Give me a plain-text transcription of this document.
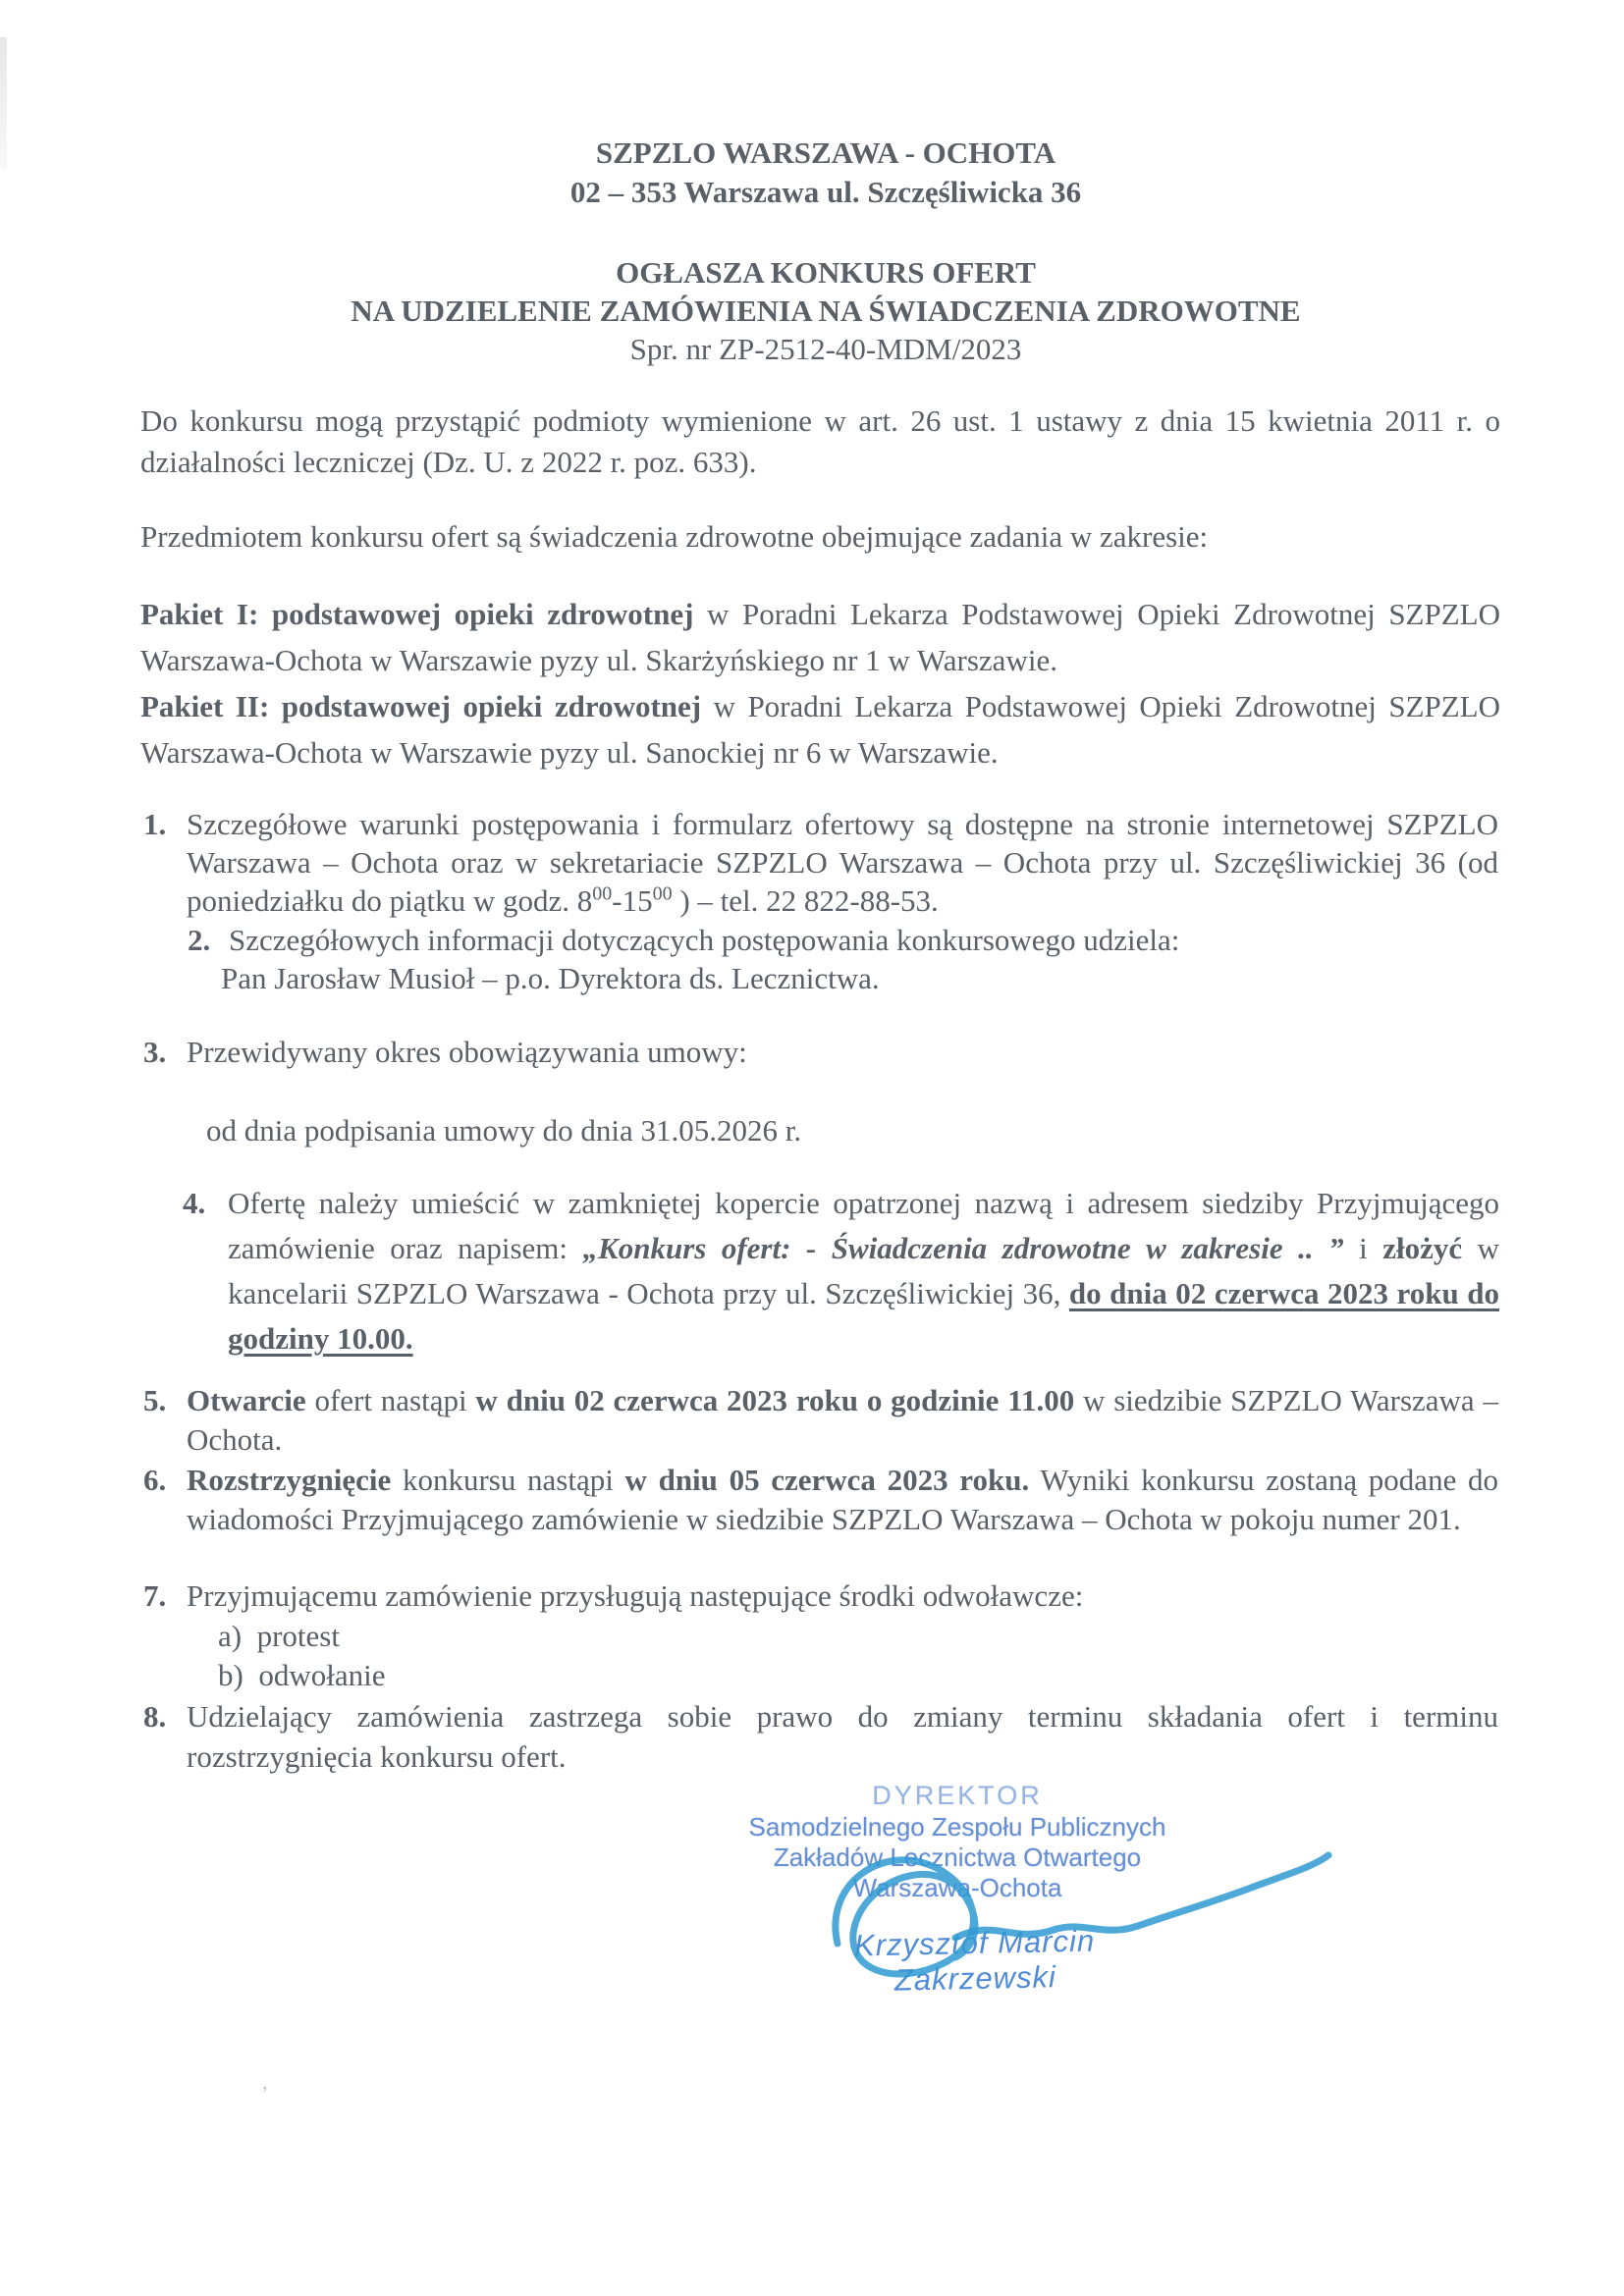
SZPZLO WARSZAWA - OCHOTA
02 – 353 Warszawa ul. Szczęśliwicka 36
OGŁASZA KONKURS OFERT
NA UDZIELENIE ZAMÓWIENIA NA ŚWIADCZENIA ZDROWOTNE
Spr. nr ZP-2512-40-MDM/2023
Do konkursu mogą przystąpić podmioty wymienione w art. 26 ust. 1 ustawy z dnia 15 kwietnia 2011 r. o działalności leczniczej (Dz. U. z 2022 r. poz. 633).
Przedmiotem konkursu ofert są świadczenia zdrowotne obejmujące zadania w zakresie:
Pakiet I: podstawowej opieki zdrowotnej w Poradni Lekarza Podstawowej Opieki Zdrowotnej SZPZLO Warszawa-Ochota w Warszawie pyzy ul. Skarżyńskiego nr 1 w Warszawie.
Pakiet II: podstawowej opieki zdrowotnej w Poradni Lekarza Podstawowej Opieki Zdrowotnej SZPZLO Warszawa-Ochota w Warszawie pyzy ul. Sanockiej nr 6 w Warszawie.
1. Szczegółowe warunki postępowania i formularz ofertowy są dostępne na stronie internetowej SZPZLO Warszawa – Ochota oraz w sekretariacie SZPZLO Warszawa – Ochota przy ul. Szczęśliwickiej 36 (od poniedziałku do piątku w godz. $8^{00}-15^{00}$ ) – tel. 22 822-88-53.
2. Szczegółowych informacji dotyczących postępowania konkursowego udziela:
Pan Jarosław Musioł – p.o. Dyrektora ds. Lecznictwa.
3. Przewidywany okres obowiązywania umowy:
od dnia podpisania umowy do dnia 31.05.2026 r.
4. Ofertę należy umieścić w zamkniętej kopercie opatrzonej nazwą i adresem siedziby Przyjmującego zamówienie oraz napisem: „Konkurs ofert: - Świadczenia zdrowotne w zakresie .. ” i złożyć w kancelarii SZPZLO Warszawa - Ochota przy ul. Szczęśliwickiej 36, do dnia 02 czerwca 2023 roku do godziny 10.00.
5. Otwarcie ofert nastąpi w dniu 02 czerwca 2023 roku o godzinie 11.00 w siedzibie SZPZLO Warszawa – Ochota.
6. Rozstrzygnięcie konkursu nastąpi w dniu 05 czerwca 2023 roku. Wyniki konkursu zostaną podane do wiadomości Przyjmującego zamówienie w siedzibie SZPZLO Warszawa – Ochota w pokoju numer 201.
7. Przyjmującemu zamówienie przysługują następujące środki odwoławcze:
a) protest
b) odwołanie
8. Udzielający zamówienia zastrzega sobie prawo do zmiany terminu składania ofert i terminu rozstrzygnięcia konkursu ofert.
DYREKTOR
Samodzielnego Zespołu Publicznych
Zakładów Lecznictwa Otwartego
Warszawa-Ochota
Krzysztof Marcin Zakrzewski
’
